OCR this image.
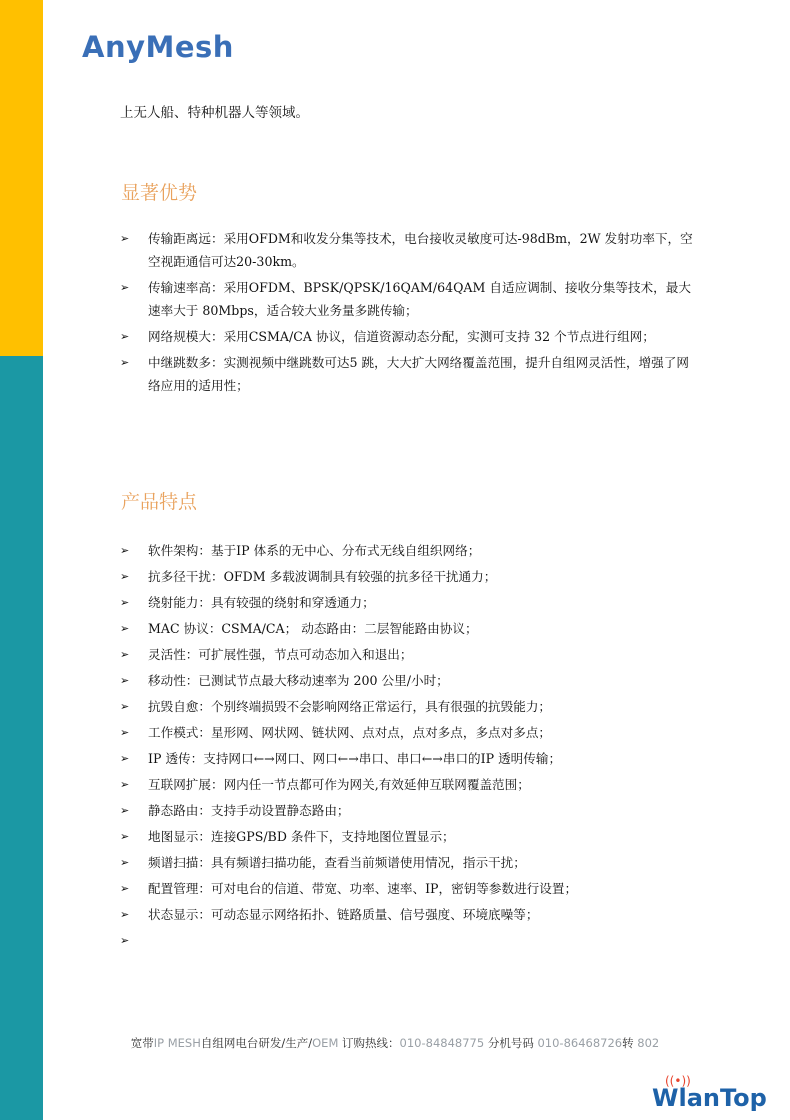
AnyMesh
上无人船、特种机器人等领域。
显著优势
➢ 传输距离远：采用OFDM和收发分集等技术，电台接收灵敏度可达-98dBm，2W 发射功率下，空空视距通信可达20-30km。
➢ 传输速率高：采用OFDM、BPSK/QPSK/16QAM/64QAM 自适应调制、接收分集等技术，最大速率大于 80Mbps，适合较大业务量多跳传输；
➢ 网络规模大：采用CSMA/CA 协议，信道资源动态分配，实测可支持 32 个节点进行组网；
➢ 中继跳数多：实测视频中继跳数可达5 跳，大大扩大网络覆盖范围，提升自组网灵活性，增强了网络应用的适用性；
产品特点
➢ 软件架构：基于IP 体系的无中心、分布式无线自组织网络；
➢ 抗多径干扰：OFDM 多载波调制具有较强的抗多径干扰通力；
➢ 绕射能力：具有较强的绕射和穿透通力；
➢ MAC 协议：CSMA/CA； 动态路由：二层智能路由协议；
➢ 灵活性：可扩展性强，节点可动态加入和退出；
➢ 移动性：已测试节点最大移动速率为 200 公里/小时；
➢ 抗毁自愈：个别终端损毁不会影响网络正常运行，具有很强的抗毁能力；
➢ 工作模式：星形网、网状网、链状网、点对点，点对多点，多点对多点；
➢ IP 透传：支持网口←→网口、网口←→串口、串口←→串口的IP 透明传输；
➢ 互联网扩展：网内任一节点都可作为网关,有效延伸互联网覆盖范围；
➢ 静态路由：支持手动设置静态路由；
➢ 地图显示：连接GPS/BD 条件下，支持地图位置显示；
➢ 频谱扫描：具有频谱扫描功能，查看当前频谱使用情况，指示干扰；
➢ 配置管理：可对电台的信道、带宽、功率、速率、IP，密钥等参数进行设置；
➢ 状态显示：可动态显示网络拓扑、链路质量、信号强度、环境底噪等；
➢
宽带IP MESH自组网电台研发/生产/OEM 订购热线：010-84848775 分机号码 010-86468726转 802
((•))
WlanTop
